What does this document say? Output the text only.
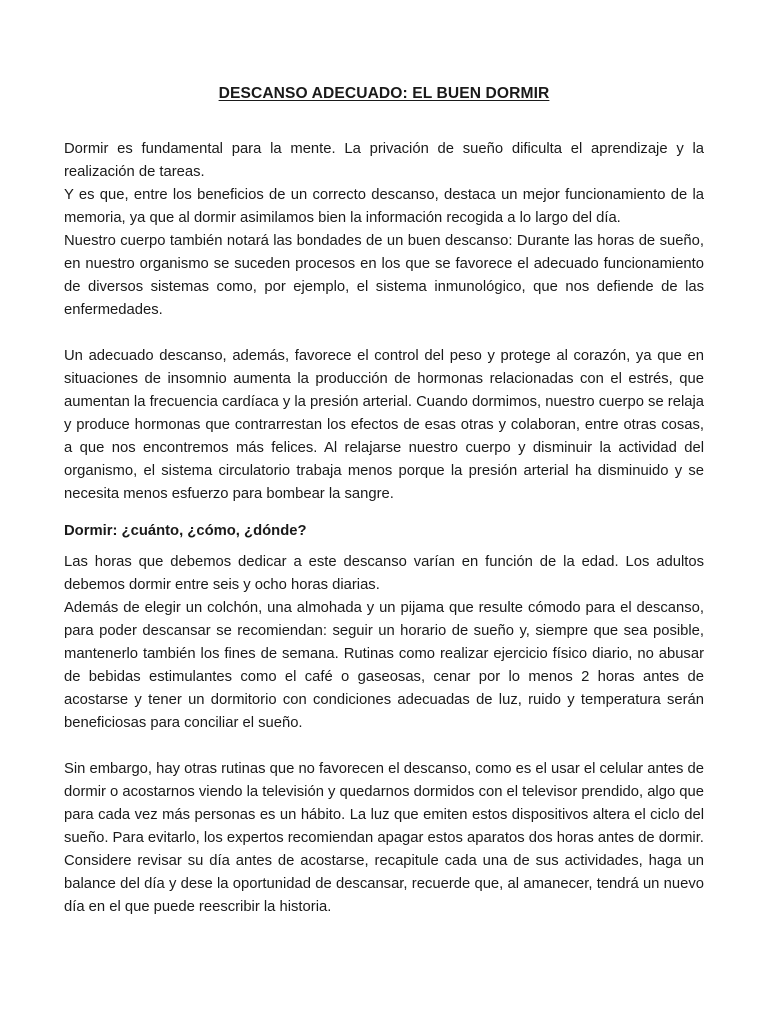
DESCANSO ADECUADO: EL BUEN DORMIR

Dormir es fundamental para la mente. La privación de sueño dificulta el aprendizaje y la realización de tareas.

Y es que, entre los beneficios de un correcto descanso, destaca un mejor funcionamiento de la memoria, ya que al dormir asimilamos bien la información recogida a lo largo del día.

Nuestro cuerpo también notará las bondades de un buen descanso: Durante las horas de sueño, en nuestro organismo se suceden procesos en los que se favorece el adecuado funcionamiento de diversos sistemas como, por ejemplo, el sistema inmunológico, que nos defiende de las enfermedades.

Un adecuado descanso, además, favorece el control del peso y protege al corazón, ya que en situaciones de insomnio aumenta la producción de hormonas relacionadas con el estrés, que aumentan la frecuencia cardíaca y la presión arterial. Cuando dormimos, nuestro cuerpo se relaja y produce hormonas que contrarrestan los efectos de esas otras y colaboran, entre otras cosas, a que nos encontremos más felices. Al relajarse nuestro cuerpo y disminuir la actividad del organismo, el sistema circulatorio trabaja menos porque la presión arterial ha disminuido y se necesita menos esfuerzo para bombear la sangre.

Dormir: ¿cuánto, ¿cómo, ¿dónde?

Las horas que debemos dedicar a este descanso varían en función de la edad. Los adultos debemos dormir entre seis y ocho horas diarias.

Además de elegir un colchón, una almohada y un pijama que resulte cómodo para el descanso, para poder descansar se recomiendan: seguir un horario de sueño y, siempre que sea posible, mantenerlo también los fines de semana. Rutinas como realizar ejercicio físico diario, no abusar de bebidas estimulantes como el café o gaseosas, cenar por lo menos 2 horas antes de acostarse y tener un dormitorio con condiciones adecuadas de luz, ruido y temperatura serán beneficiosas para conciliar el sueño.

Sin embargo, hay otras rutinas que no favorecen el descanso, como es el usar el celular antes de dormir o acostarnos viendo la televisión y quedarnos dormidos con el televisor prendido, algo que para cada vez más personas es un hábito. La luz que emiten estos dispositivos altera el ciclo del sueño. Para evitarlo, los expertos recomiendan apagar estos aparatos dos horas antes de dormir.

Considere revisar su día antes de acostarse, recapitule cada una de sus actividades, haga un balance del día y dese la oportunidad de descansar, recuerde que, al amanecer, tendrá un nuevo día en el que puede reescribir la historia.
